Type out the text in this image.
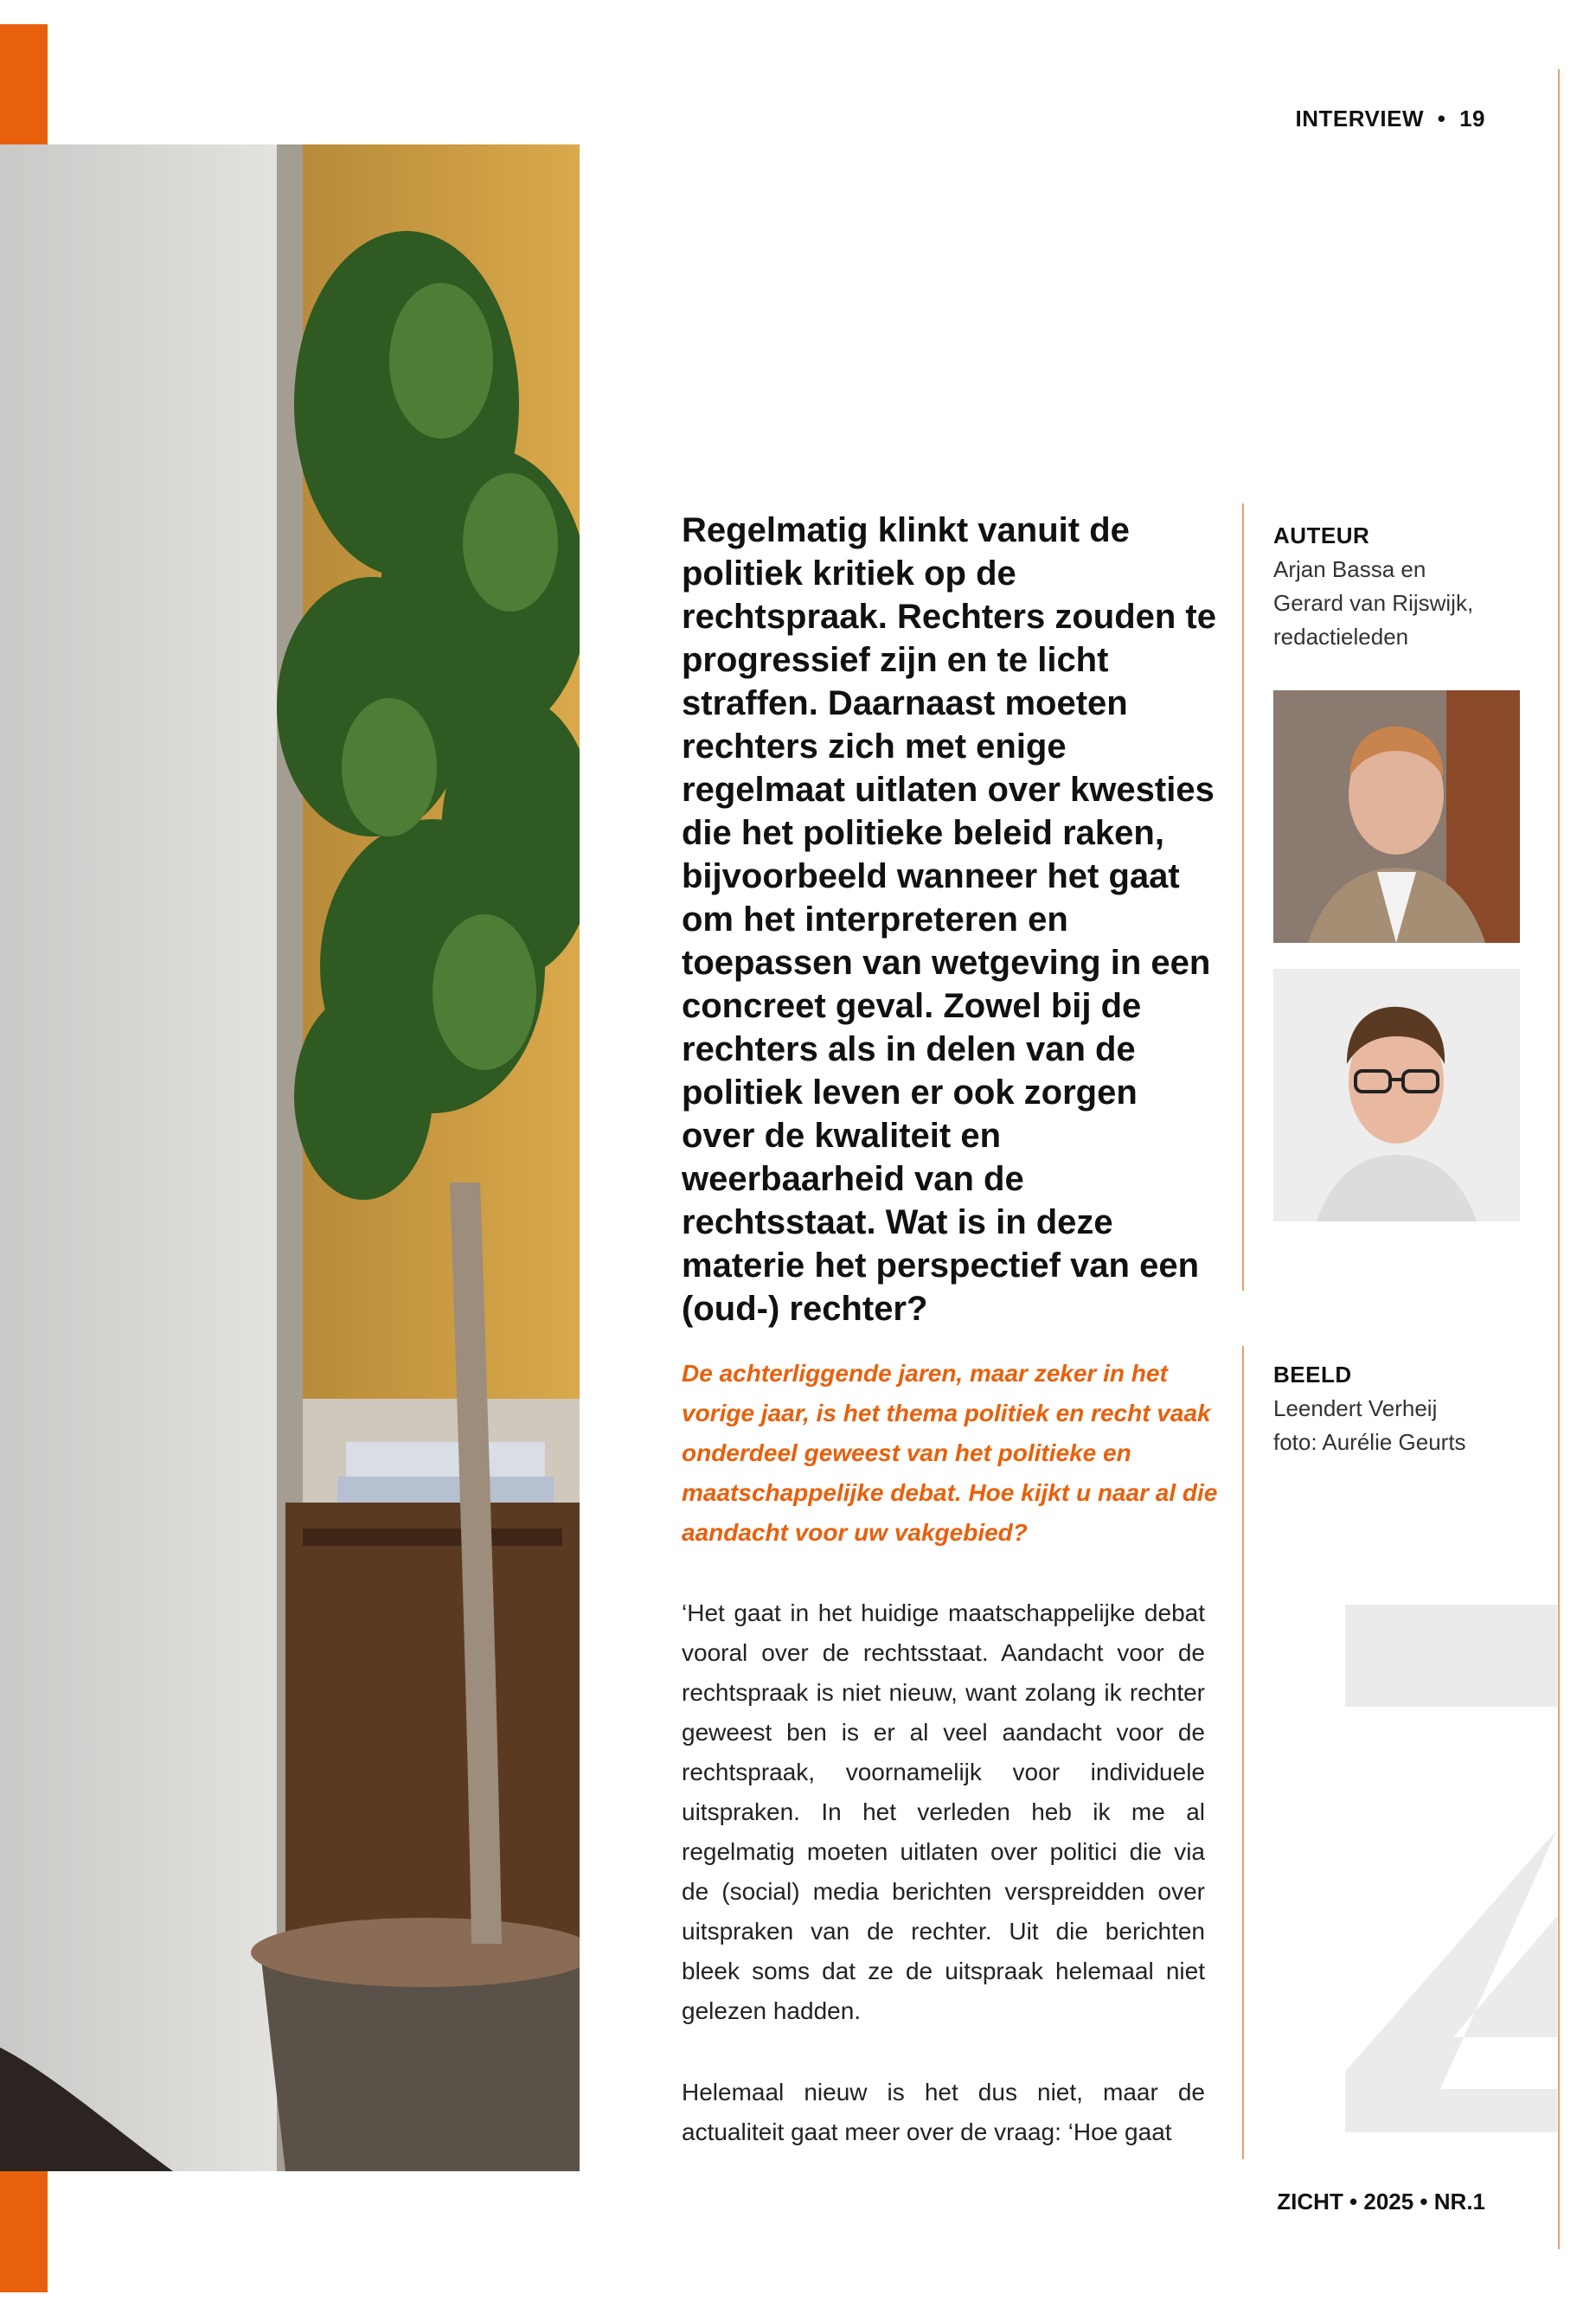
INTERVIEW • 19

Regelmatig klinkt vanuit de politiek kritiek op de rechtspraak. Rechters zouden te progressief zijn en te licht straffen. Daarnaast moeten rechters zich met enige regelmaat uitlaten over kwesties die het politieke beleid raken, bijvoorbeeld wanneer het gaat om het interpreteren en toepassen van wetgeving in een concreet geval. Zowel bij de rechters als in delen van de politiek leven er ook zorgen over de kwaliteit en weerbaarheid van de rechtsstaat. Wat is in deze materie het perspectief van een (oud-) rechter?

AUTEUR
Arjan Bassa en
Gerard van Rijswijk,
redactieleden

De achterliggende jaren, maar zeker in het vorige jaar, is het thema politiek en recht vaak onderdeel geweest van het politieke en maatschappelijke debat. Hoe kijkt u naar al die aandacht voor uw vakgebied?

BEELD
Leendert Verheij
foto: Aurélie Geurts

‘Het gaat in het huidige maatschappelijke debat vooral over de rechtsstaat. Aandacht voor de rechtspraak is niet nieuw, want zolang ik rechter geweest ben is er al veel aandacht voor de rechtspraak, voornamelijk voor individuele uitspraken. In het verleden heb ik me al regelmatig moeten uitlaten over politici die via de (social) media berichten verspreidden over uitspraken van de rechter. Uit die berichten bleek soms dat ze de uitspraak helemaal niet gelezen hadden.

Helemaal nieuw is het dus niet, maar de actualiteit gaat meer over de vraag: ‘Hoe gaat

ZICHT • 2025 • NR.1
